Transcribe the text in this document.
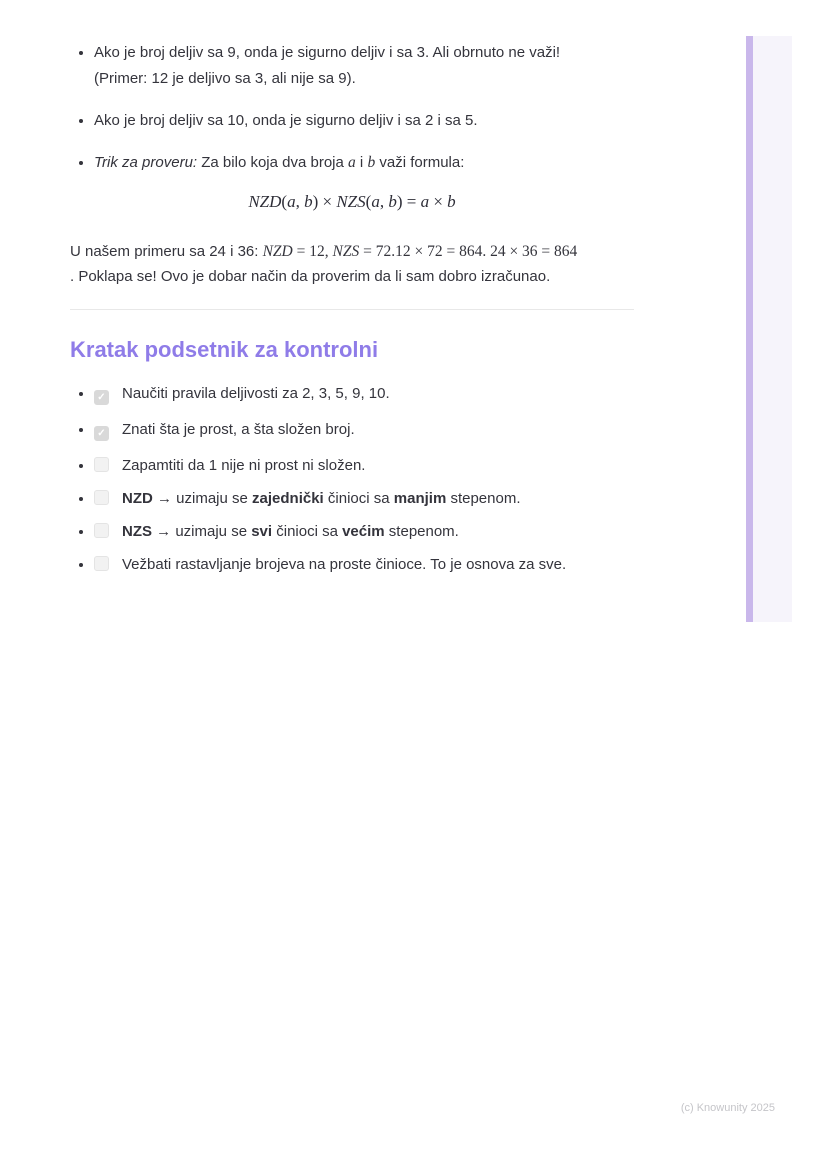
• Ako je broj deljiv sa 9, onda je sigurno deljiv i sa 3. Ali obrnuto ne važi!
(Primer: 12 je deljivo sa 3, ali nije sa 9).
• Ako je broj deljiv sa 10, onda je sigurno deljiv i sa 2 i sa 5.
• Trik za proveru: Za bilo koja dva broja a i b važi formula:
NZD(a, b) × NZS(a, b) = a × b

U našem primeru sa 24 i 36: NZD = 12, NZS = 72.12 × 72 = 864. 24 × 36 = 864
. Poklapa se! Ovo je dobar način da proverim da li sam dobro izračunao.

Kratak podsetnik za kontrolni
• ✓ Naučiti pravila deljivosti za 2, 3, 5, 9, 10.
• ✓ Znati šta je prost, a šta složen broj.
• Zapamtiti da 1 nije ni prost ni složen.
• NZD → uzimaju se zajednički činioci sa manjim stepenom.
• NZS → uzimaju se svi činioci sa većim stepenom.
• Vežbati rastavljanje brojeva na proste činioce. To je osnova za sve.
(c) Knowunity 2025
